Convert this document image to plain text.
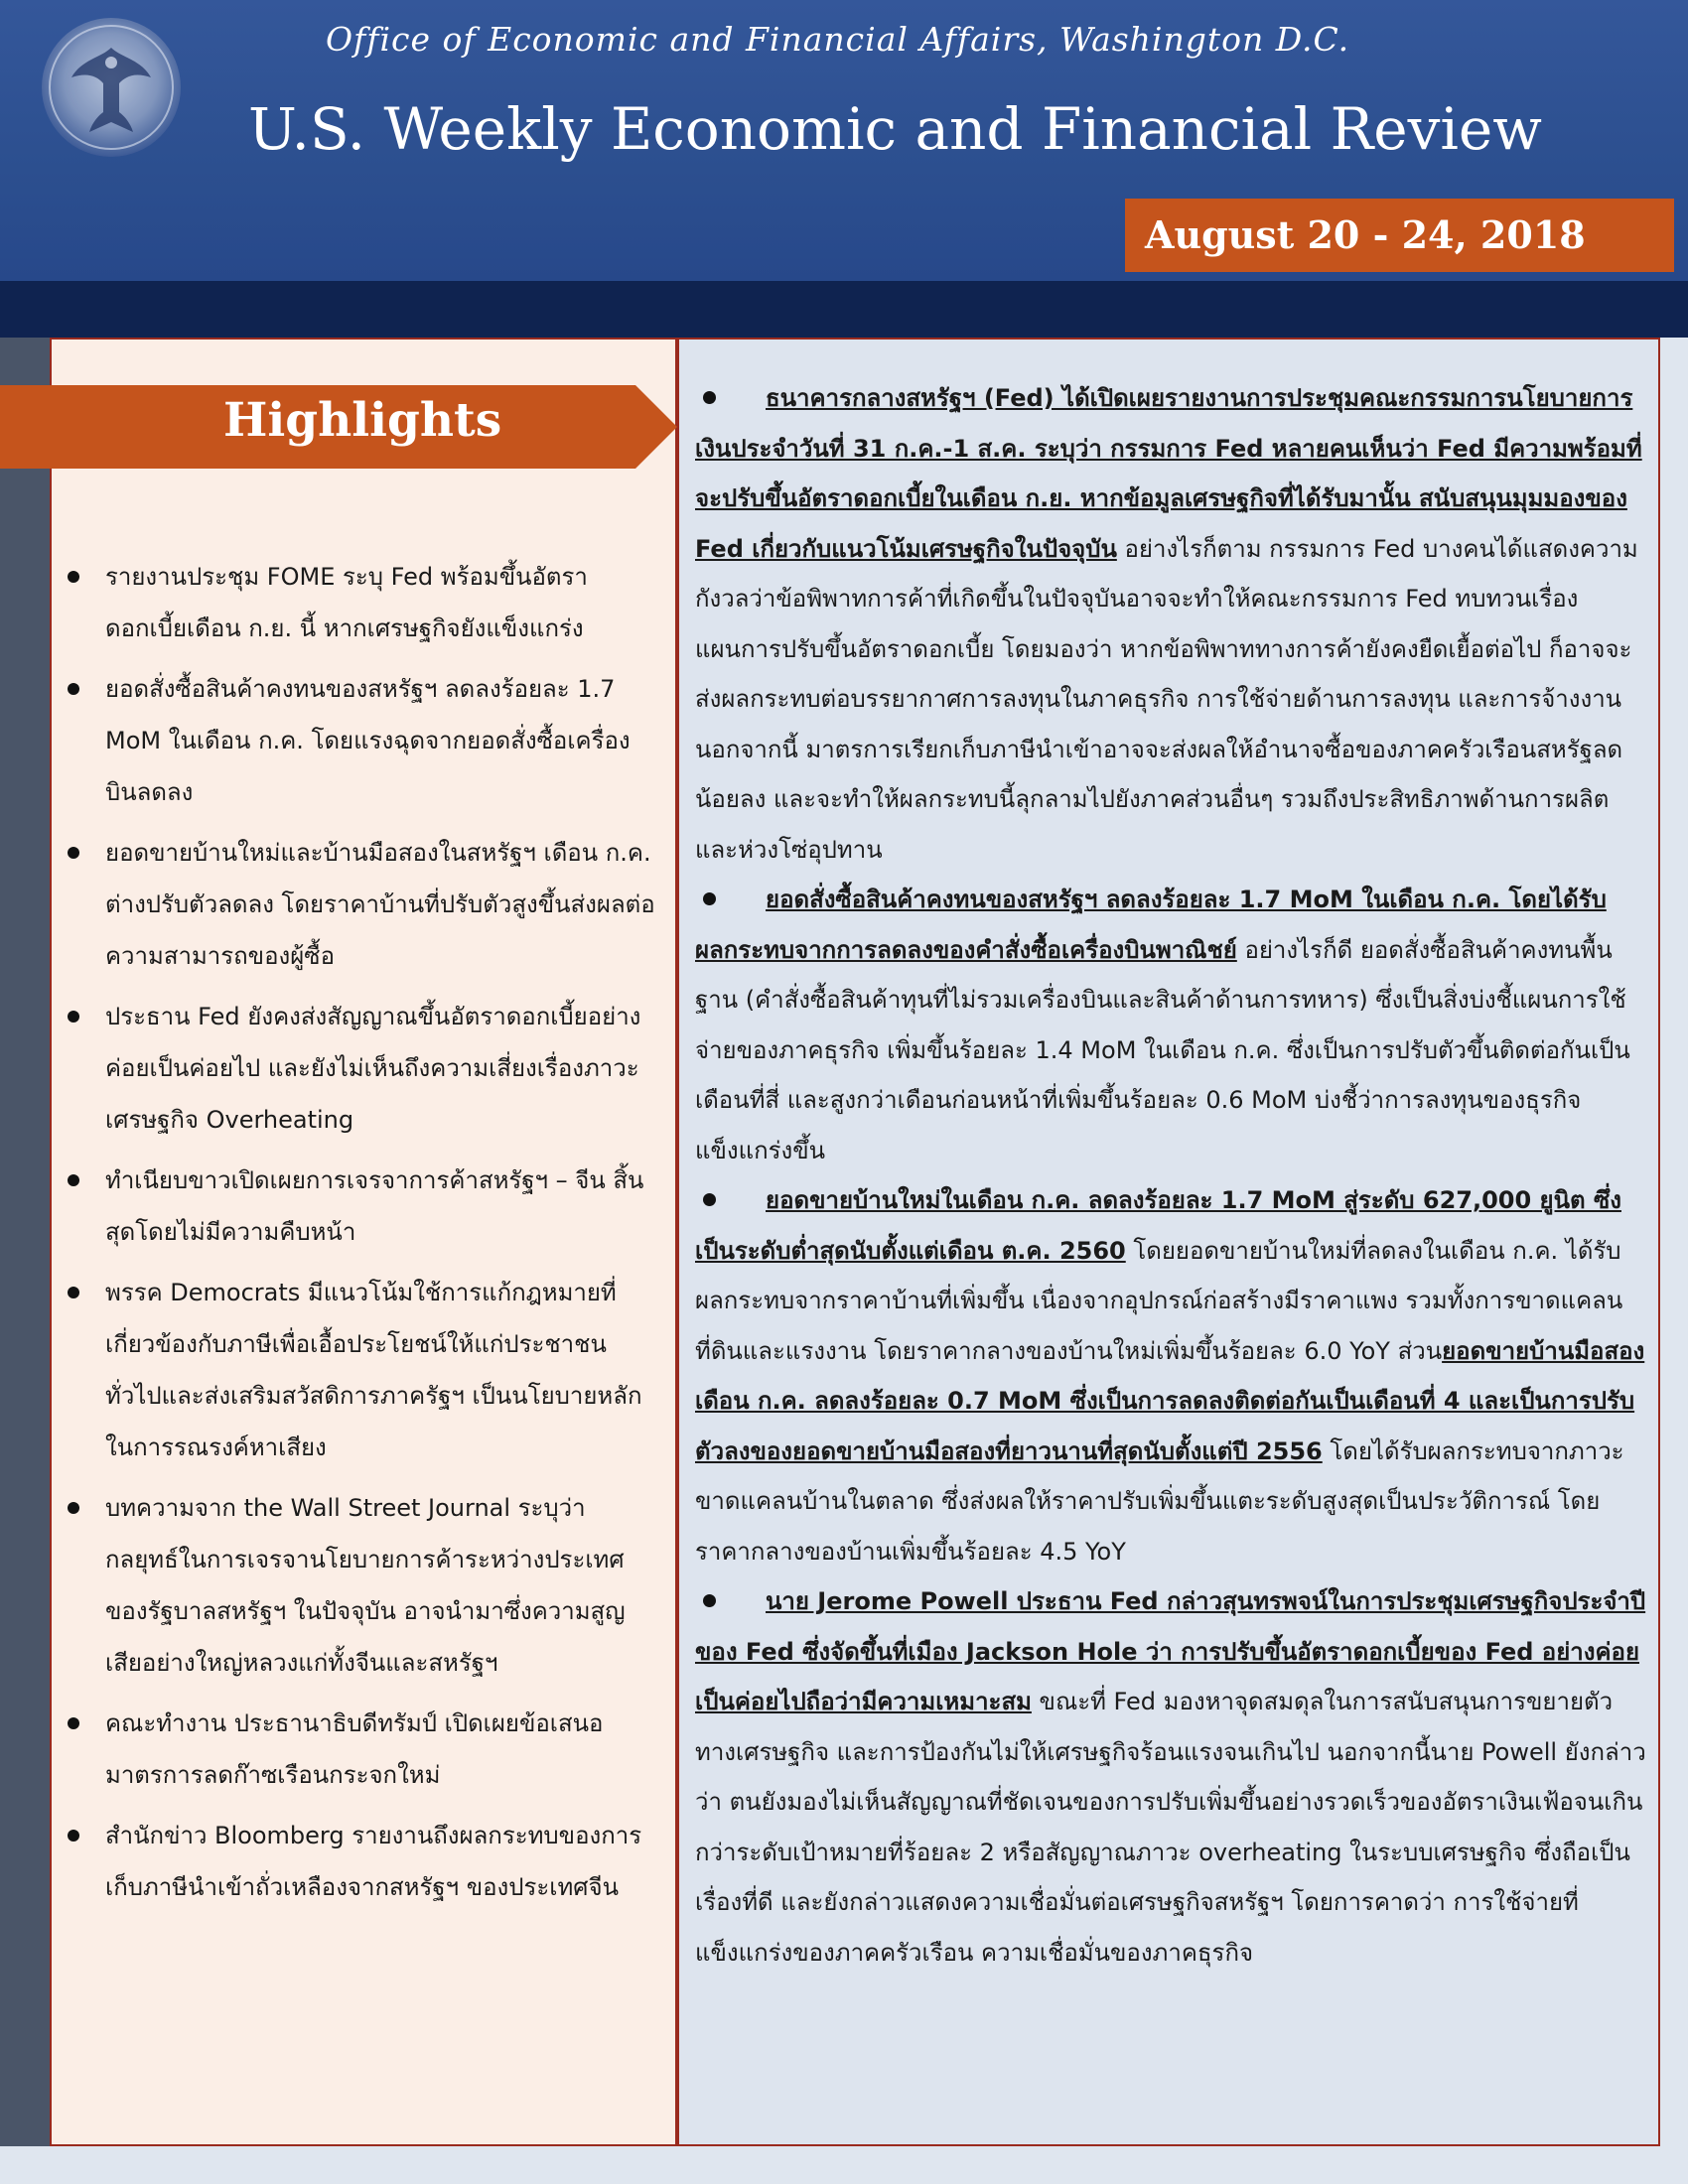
Office of Economic and Financial Affairs, Washington D.C.
U.S. Weekly Economic and Financial Review
August 20 - 24, 2018
Highlights
รายงานประชุม FOME ระบุ Fed พร้อมขึ้นอัตราดอกเบี้ยเดือน ก.ย. นี้ หากเศรษฐกิจยังแข็งแกร่ง
ยอดสั่งซื้อสินค้าคงทนของสหรัฐฯ ลดลงร้อยละ 1.7 MoM ในเดือน ก.ค. โดยแรงฉุดจากยอดสั่งซื้อเครื่องบินลดลง
ยอดขายบ้านใหม่และบ้านมือสองในสหรัฐฯ เดือน ก.ค. ต่างปรับตัวลดลง โดยราคาบ้านที่ปรับตัวสูงขึ้นส่งผลต่อความสามารถของผู้ซื้อ
ประธาน Fed ยังคงส่งสัญญาณขึ้นอัตราดอกเบี้ยอย่างค่อยเป็นค่อยไป และยังไม่เห็นถึงความเสี่ยงเรื่องภาวะเศรษฐกิจ Overheating
ทำเนียบขาวเปิดเผยการเจรจาการค้าสหรัฐฯ – จีน สิ้นสุดโดยไม่มีความคืบหน้า
พรรค Democrats มีแนวโน้มใช้การแก้กฎหมายที่เกี่ยวข้องกับภาษีเพื่อเอื้อประโยชน์ให้แก่ประชาชนทั่วไปและส่งเสริมสวัสดิการภาครัฐฯ เป็นนโยบายหลักในการรณรงค์หาเสียง
บทความจาก the Wall Street Journal ระบุว่า กลยุทธ์ในการเจรจานโยบายการค้าระหว่างประเทศของรัฐบาลสหรัฐฯ ในปัจจุบัน อาจนำมาซึ่งความสูญเสียอย่างใหญ่หลวงแก่ทั้งจีนและสหรัฐฯ
คณะทำงาน ประธานาธิบดีทรัมป์ เปิดเผยข้อเสนอมาตรการลดก๊าซเรือนกระจกใหม่
สำนักข่าว Bloomberg รายงานถึงผลกระทบของการเก็บภาษีนำเข้าถั่วเหลืองจากสหรัฐฯ ของประเทศจีน

ธนาคารกลางสหรัฐฯ (Fed) ได้เปิดเผยรายงานการประชุมคณะกรรมการนโยบายการเงินประจำวันที่ 31 ก.ค.-1 ส.ค. ระบุว่า กรรมการ Fed หลายคนเห็นว่า Fed มีความพร้อมที่จะปรับขึ้นอัตราดอกเบี้ยในเดือน ก.ย. หากข้อมูลเศรษฐกิจที่ได้รับมานั้น สนับสนุนมุมมองของ Fed เกี่ยวกับแนวโน้มเศรษฐกิจในปัจจุบัน อย่างไรก็ตาม กรรมการ Fed บางคนได้แสดงความกังวลว่าข้อพิพาทการค้าที่เกิดขึ้นในปัจจุบันอาจจะทำให้คณะกรรมการ Fed ทบทวนเรื่องแผนการปรับขึ้นอัตราดอกเบี้ย โดยมองว่า หากข้อพิพาททางการค้ายังคงยืดเยื้อต่อไป ก็อาจจะส่งผลกระทบต่อบรรยากาศการลงทุนในภาคธุรกิจ การใช้จ่ายด้านการลงทุน และการจ้างงาน นอกจากนี้ มาตรการเรียกเก็บภาษีนำเข้าอาจจะส่งผลให้อำนาจซื้อของภาคครัวเรือนสหรัฐลดน้อยลง และจะทำให้ผลกระทบนี้ลุกลามไปยังภาคส่วนอื่นๆ รวมถึงประสิทธิภาพด้านการผลิตและห่วงโซ่อุปทาน

ยอดสั่งซื้อสินค้าคงทนของสหรัฐฯ ลดลงร้อยละ 1.7 MoM ในเดือน ก.ค. โดยได้รับผลกระทบจากการลดลงของคำสั่งซื้อเครื่องบินพาณิชย์ อย่างไรก็ดี ยอดสั่งซื้อสินค้าคงทนพื้นฐาน (คำสั่งซื้อสินค้าทุนที่ไม่รวมเครื่องบินและสินค้าด้านการทหาร) ซึ่งเป็นสิ่งบ่งชี้แผนการใช้จ่ายของภาคธุรกิจ เพิ่มขึ้นร้อยละ 1.4 MoM ในเดือน ก.ค. ซึ่งเป็นการปรับตัวขึ้นติดต่อกันเป็นเดือนที่สี่ และสูงกว่าเดือนก่อนหน้าที่เพิ่มขึ้นร้อยละ 0.6 MoM บ่งชี้ว่าการลงทุนของธุรกิจแข็งแกร่งขึ้น

ยอดขายบ้านใหม่ในเดือน ก.ค. ลดลงร้อยละ 1.7 MoM สู่ระดับ 627,000 ยูนิต ซึ่งเป็นระดับต่ำสุดนับตั้งแต่เดือน ต.ค. 2560 โดยยอดขายบ้านใหม่ที่ลดลงในเดือน ก.ค. ได้รับผลกระทบจากราคาบ้านที่เพิ่มขึ้น เนื่องจากอุปกรณ์ก่อสร้างมีราคาแพง รวมทั้งการขาดแคลนที่ดินและแรงงาน โดยราคากลางของบ้านใหม่เพิ่มขึ้นร้อยละ 6.0 YoY ส่วนยอดขายบ้านมือสองเดือน ก.ค. ลดลงร้อยละ 0.7 MoM ซึ่งเป็นการลดลงติดต่อกันเป็นเดือนที่ 4 และเป็นการปรับตัวลงของยอดขายบ้านมือสองที่ยาวนานที่สุดนับตั้งแต่ปี 2556 โดยได้รับผลกระทบจากภาวะขาดแคลนบ้านในตลาด ซึ่งส่งผลให้ราคาปรับเพิ่มขึ้นแตะระดับสูงสุดเป็นประวัติการณ์ โดยราคากลางของบ้านเพิ่มขึ้นร้อยละ 4.5 YoY

นาย Jerome Powell ประธาน Fed กล่าวสุนทรพจน์ในการประชุมเศรษฐกิจประจำปีของ Fed ซึ่งจัดขึ้นที่เมือง Jackson Hole ว่า การปรับขึ้นอัตราดอกเบี้ยของ Fed อย่างค่อยเป็นค่อยไปถือว่ามีความเหมาะสม ขณะที่ Fed มองหาจุดสมดุลในการสนับสนุนการขยายตัวทางเศรษฐกิจ และการป้องกันไม่ให้เศรษฐกิจร้อนแรงจนเกินไป นอกจากนี้นาย Powell ยังกล่าวว่า ตนยังมองไม่เห็นสัญญาณที่ชัดเจนของการปรับเพิ่มขึ้นอย่างรวดเร็วของอัตราเงินเฟ้อจนเกินกว่าระดับเป้าหมายที่ร้อยละ 2 หรือสัญญาณภาวะ overheating ในระบบเศรษฐกิจ ซึ่งถือเป็นเรื่องที่ดี และยังกล่าวแสดงความเชื่อมั่นต่อเศรษฐกิจสหรัฐฯ โดยการคาดว่า การใช้จ่ายที่แข็งแกร่งของภาคครัวเรือน ความเชื่อมั่นของภาคธุรกิจ
